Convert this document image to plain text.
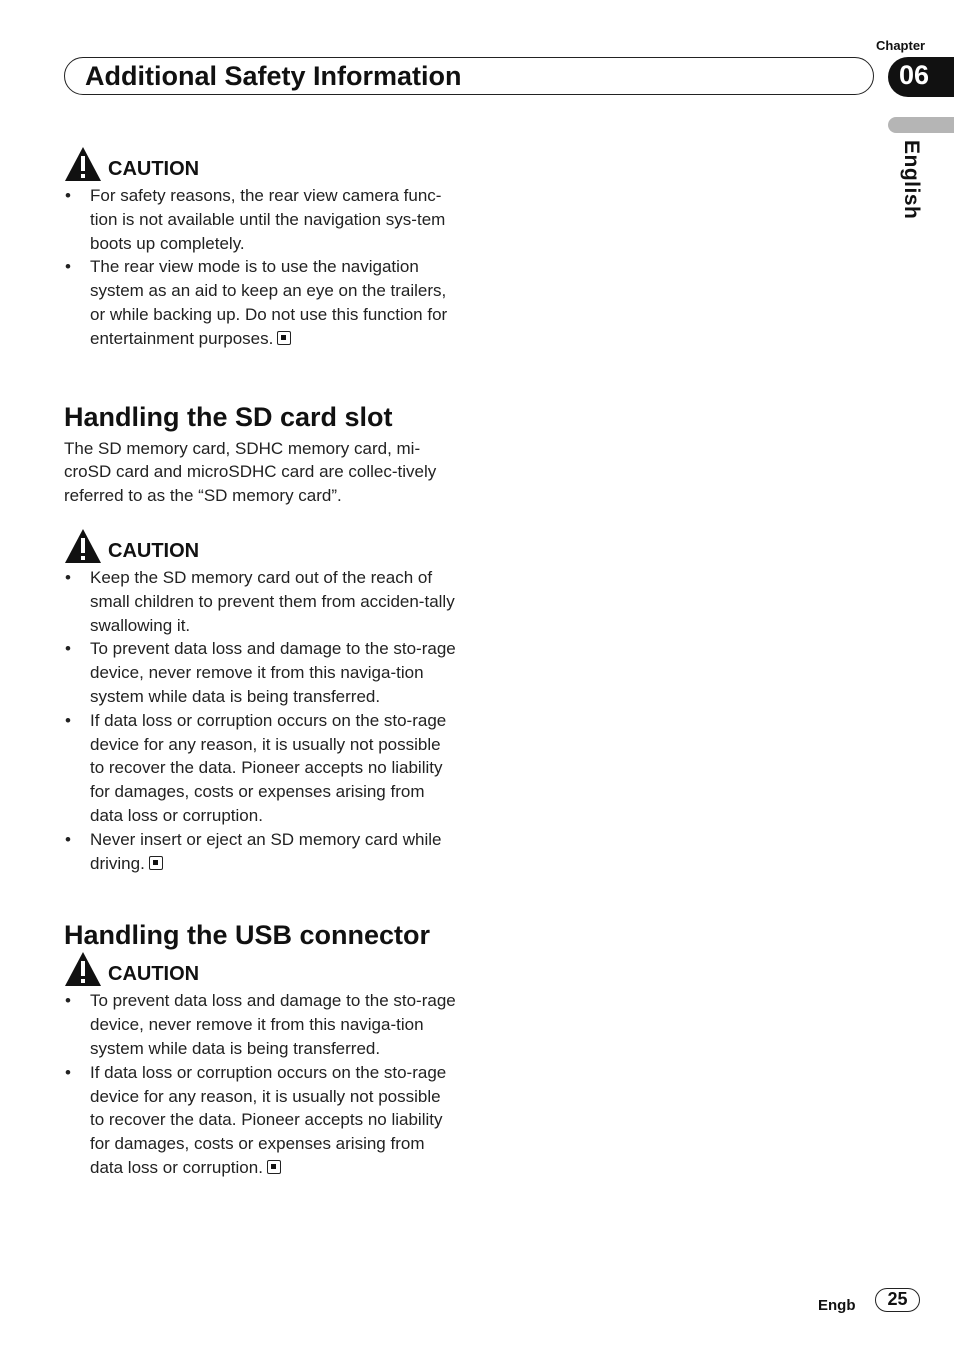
Chapter
Additional Safety Information	06
English
CAUTION
• For safety reasons, the rear view camera func-tion is not available until the navigation sys-tem boots up completely.
• The rear view mode is to use the navigation system as an aid to keep an eye on the trailers, or while backing up. Do not use this function for entertainment purposes.
Handling the SD card slot

The SD memory card, SDHC memory card, mi-croSD card and microSDHC card are collec-tively referred to as the “SD memory card”.

CAUTION
• Keep the SD memory card out of the reach of small children to prevent them from acciden-tally swallowing it.
• To prevent data loss and damage to the sto-rage device, never remove it from this naviga-tion system while data is being transferred.
• If data loss or corruption occurs on the sto-rage device for any reason, it is usually not possible to recover the data. Pioneer accepts no liability for damages, costs or expenses arising from data loss or corruption.
• Never insert or eject an SD memory card while driving.
Handling the USB connector
CAUTION
• To prevent data loss and damage to the sto-rage device, never remove it from this naviga-tion system while data is being transferred.
• If data loss or corruption occurs on the sto-rage device for any reason, it is usually not possible to recover the data. Pioneer accepts no liability for damages, costs or expenses arising from data loss or corruption.
Engb	25
